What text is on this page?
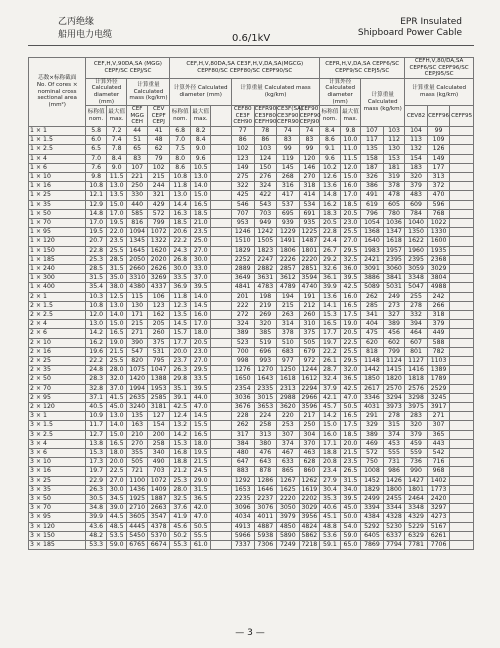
乙丙绝缘
船用电力电缆	0.6/1kV
EPR Insulated
Shipboard Power Cable
芯数×标称截面
No. Of cores × nominal cross sectional area (mm²)	CEF,H,V,90DA,SA (MGG) CEPF/SC CEPJ/SC				CEF,H,V,80DA,SA CE3F,H,V,DA,SA(MGCG) CEPF80/SC CEPF80/SC CEPF90/SC							CEFR,H,V,DA,SA CEPF6/SC CEPF9/SC CEPJ5/SC				CEFH,V,80/DA,SA CEPF6/SC CEPF96/SC CEPJ95/SC		
	计算外径 Calculated diameter (mm)		计算重量 Calculated mass (kg/km)		计算外径 Calculated diameter (mm)			计算重量 Calculated mass (kg/km)				计算外径 Calculated diameter (mm)		计算重量 Calculated mass (kg/km)		计算重量 Calculated mass (kg/km)		
	标称值 nom.	最大值 max.	CEF MGG CEH	CEV CEPF CEPJ	标称值 nom.	最大值 max.		CEF80 CE3F CEH90	CEFR90 CE3F80 CEFH90	CE3F(SA) CE3F90 CEFR90	CEF90 CEPF90 CEPJ90	标称值 nom.	最大值 max.			CEV82	CEFF96	CEFF95
1 × 1	5.8	7.2	44	41	6.8	8.2		77	78	74	74	8.4	9.8	107	103	104	99	
1 × 1.5	6.0	7.4	51	48	7.0	8.4		86	86	83	83	8.6	10.0	117	112	113	109	
1 × 2.5	6.5	7.8	65	62	7.5	9.0		102	103	99	99	9.1	11.0	135	130	132	126	
1 × 4	7.0	8.4	83	79	8.0	9.6		123	124	119	120	9.6	11.5	158	153	154	149	
1 × 6	7.6	9.0	107	102	8.6	10.5		149	150	145	146	10.2	12.0	187	181	183	177	
1 × 10	9.8	11.5	221	215	10.8	13.0		275	276	268	270	12.6	15.0	326	319	320	313	
1 × 16	10.8	13.0	250	244	11.8	14.0		322	324	316	318	13.6	16.0	386	378	379	372	
1 × 25	12.1	13.5	330	321	13.0	15.0		425	422	417	414	14.8	17.0	491	478	483	470	
1 × 35	12.9	15.0	440	429	14.4	16.5		546	543	537	534	16.2	18.5	619	605	609	596	
1 × 50	14.8	17.0	585	572	16.3	18.5		707	703	695	691	18.3	20.5	796	780	784	768	
1 × 70	17.0	19.5	816	799	18.5	21.0		953	949	939	935	20.5	23.0	1054	1036	1040	1022	
1 × 95	19.5	22.0	1094	1072	20.6	23.5		1246	1242	1229	1225	22.8	25.5	1368	1347	1350	1330	
1 × 120	20.7	23.5	1345	1322	22.2	25.0		1510	1505	1491	1487	24.4	27.0	1640	1618	1622	1600	
1 × 150	22.8	25.5	1645	1620	24.3	27.0		1829	1823	1806	1801	26.7	29.5	1983	1957	1960	1935	
1 × 185	25.3	28.5	2050	2020	26.8	30.0		2252	2247	2226	2220	29.2	32.5	2421	2395	2395	2368	
1 × 240	28.5	31.5	2660	2626	30.0	33.0		2889	2882	2857	2851	32.6	36.0	3091	3060	3059	3029	
1 × 300	31.5	35.0	3310	3269	33.5	37.0		3649	3631	3612	3594	36.1	39.5	3886	3841	3348	3804	
1 × 400	35.4	38.0	4380	4337	36.9	39.5		4841	4783	4789	4740	39.9	42.5	5089	5031	5047	4988	
2 × 1	10.3	12.5	115	106	11.8	14.0		201	198	194	191	13.6	16.0	262	249	255	242	
2 × 1.5	10.8	13.0	130	123	12.3	14.5		222	219	215	212	14.1	16.5	285	273	278	266	
2 × 2.5	12.0	14.0	171	162	13.5	16.0		272	269	263	260	15.3	17.5	341	327	332	318	
2 × 4	13.0	15.0	215	205	14.5	17.0		324	320	314	310	16.5	19.0	404	389	394	379	
2 × 6	14.2	16.5	271	260	15.7	18.0		389	385	378	375	17.7	20.5	475	456	464	449	
2 × 10	16.2	19.0	390	375	17.7	20.5		523	519	510	505	19.7	22.5	620	602	607	588	
2 × 16	19.6	21.5	547	531	20.0	23.0		700	696	683	679	22.2	25.5	818	799	801	782	
2 × 25	22.2	25.5	820	795	23.7	27.0		998	993	977	972	26.1	29.5	1148	1124	1127	1103	
2 × 35	24.8	28.0	1075	1047	26.3	29.5		1276	1270	1250	1244	28.7	32.0	1442	1415	1416	1389	
2 × 50	28.3	32.0	1420	1388	29.8	33.5		1650	1643	1618	1612	32.4	36.5	1850	1820	1818	1789	
2 × 70	32.8	37.0	1994	1953	35.1	39.5		2354	2335	2313	2294	37.9	42.5	2617	2570	2576	2529	
2 × 95	37.1	41.5	2635	2585	39.1	44.0		3036	3015	2988	2966	42.1	47.0	3346	3294	3298	3245	
2 × 120	40.5	45.0	3240	3181	42.5	47.0		3676	3653	3620	3596	45.7	50.5	4031	3973	3975	3917	
3 × 1	10.9	13.0	135	127	12.4	14.5		228	224	220	217	14.2	16.5	291	278	283	271	
3 × 1.5	11.7	14.0	163	154	13.2	15.5		262	258	253	250	15.0	17.5	329	315	320	307	
3 × 2.5	12.7	15.0	210	200	14.2	16.5		317	313	307	304	16.0	18.5	389	374	379	365	
3 × 4	13.8	16.5	270	258	15.3	18.0		384	380	374	370	17.1	20.0	469	453	459	443	
3 × 6	15.3	18.0	355	340	16.8	19.5		480	476	467	463	18.8	21.5	572	555	559	542	
3 × 10	17.3	20.0	505	490	18.8	21.5		647	643	633	628	20.8	23.5	750	731	736	716	
3 × 16	19.7	22.5	721	703	21.2	24.5		883	878	865	860	23.4	26.5	1008	986	990	968	
3 × 25	22.9	27.0	1100	1072	25.3	29.0		1292	1286	1267	1262	27.9	31.5	1452	1426	1427	1402	
3 × 35	26.3	30.0	1436	1409	28.0	31.5		1653	1646	1625	1619	30.4	34.0	1829	1800	1801	1773	
3 × 50	30.5	34.5	1925	1887	32.5	36.5		2235	2237	2220	2202	35.3	39.5	2499	2455	2464	2420	
3 × 70	34.8	39.0	2710	2663	37.6	42.0		3096	3076	3050	3029	40.6	45.0	3394	3344	3348	3297	
3 × 95	39.9	44.5	3605	3547	41.9	47.0		4034	4011	3979	3956	45.1	50.0	4384	4328	4329	4273	
3 × 120	43.6	48.5	4445	4378	45.6	50.5		4913	4887	4850	4824	48.8	54.0	5292	5230	5229	5167	
3 × 150	48.2	53.5	5450	5370	50.2	55.5		5966	5938	5890	5862	53.6	59.0	6405	6337	6329	6261	
3 × 185	53.3	59.0	6765	6674	55.3	61.0		7337	7306	7249	7218	59.1	65.0	7869	7794	7781	7706	
— 3 —
